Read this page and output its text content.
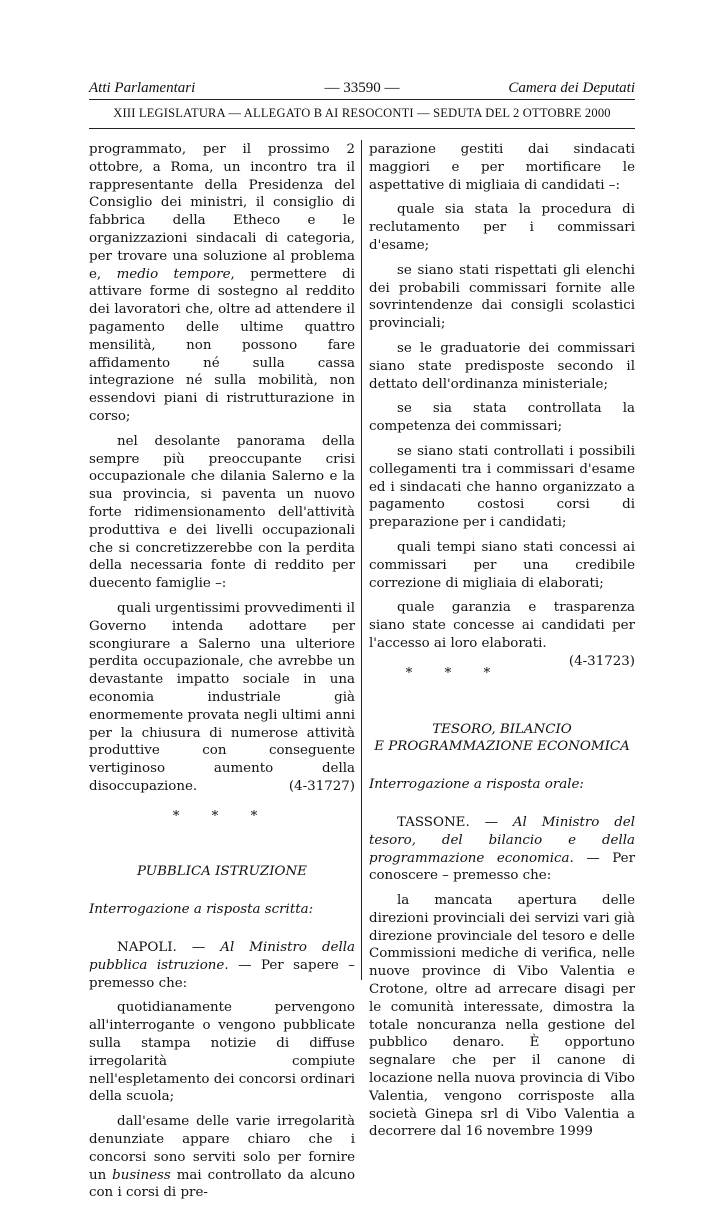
Atti Parlamentari	— 33590 —	Camera dei Deputati
XIII LEGISLATURA — ALLEGATO B AI RESOCONTI — SEDUTA DEL 2 OTTOBRE 2000

programmato, per il prossimo 2 ottobre, a Roma, un incontro tra il rappresentante della Presidenza del Consiglio dei ministri, il consiglio di fabbrica della Etheco e le organizzazioni sindacali di categoria, per trovare una soluzione al problema e, medio tempore, permettere di attivare forme di sostegno al reddito dei lavoratori che, oltre ad attendere il pagamento delle ultime quattro mensilità, non possono fare affidamento né sulla cassa integrazione né sulla mobilità, non essendovi piani di ristrutturazione in corso;

nel desolante panorama della sempre più preoccupante crisi occupazionale che dilania Salerno e la sua provincia, si paventa un nuovo forte ridimensionamento dell'attività produttiva e dei livelli occupazionali che si concretizzerebbe con la perdita della necessaria fonte di reddito per duecento famiglie –:

quali urgentissimi provvedimenti il Governo intenda adottare per scongiurare a Salerno una ulteriore perdita occupazionale, che avrebbe un devastante impatto sociale in una economia industriale già enormemente provata negli ultimi anni per la chiusura di numerose attività produttive con conseguente vertiginoso aumento della disoccupazione.	(4-31727)

* * *
PUBBLICA ISTRUZIONE
Interrogazione a risposta scritta:

NAPOLI. — Al Ministro della pubblica istruzione. — Per sapere – premesso che:

quotidianamente pervengono all'interrogante o vengono pubblicate sulla stampa notizie di diffuse irregolarità compiute nell'espletamento dei concorsi ordinari della scuola;

dall'esame delle varie irregolarità denunziate appare chiaro che i concorsi sono serviti solo per fornire un business mai controllato da alcuno con i corsi di pre-

parazione gestiti dai sindacati maggiori e per mortificare le aspettative di migliaia di candidati –:

quale sia stata la procedura di reclutamento per i commissari d'esame;

se siano stati rispettati gli elenchi dei probabili commissari fornite alle sovrintendenze dai consigli scolastici provinciali;

se le graduatorie dei commissari siano state predisposte secondo il dettato dell'ordinanza ministeriale;

se sia stata controllata la competenza dei commissari;

se siano stati controllati i possibili collegamenti tra i commissari d'esame ed i sindacati che hanno organizzato a pagamento costosi corsi di preparazione per i candidati;

quali tempi siano stati concessi ai commissari per una credibile correzione di migliaia di elaborati;

quale garanzia e trasparenza siano state concesse ai candidati per l'accesso ai loro elaborati.
(4-31723)

* * *
TESORO, BILANCIO
E PROGRAMMAZIONE ECONOMICA
Interrogazione a risposta orale:

TASSONE. — Al Ministro del tesoro, del bilancio e della programmazione economica. — Per conoscere – premesso che:

la mancata apertura delle direzioni provinciali dei servizi vari già direzione provinciale del tesoro e delle Commissioni mediche di verifica, nelle nuove province di Vibo Valentia e Crotone, oltre ad arrecare disagi per le comunità interessate, dimostra la totale noncuranza nella gestione del pubblico denaro. È opportuno segnalare che per il canone di locazione nella nuova provincia di Vibo Valentia, vengono corrisposte alla società Ginepa srl di Vibo Valentia a decorrere dal 16 novembre 1999
